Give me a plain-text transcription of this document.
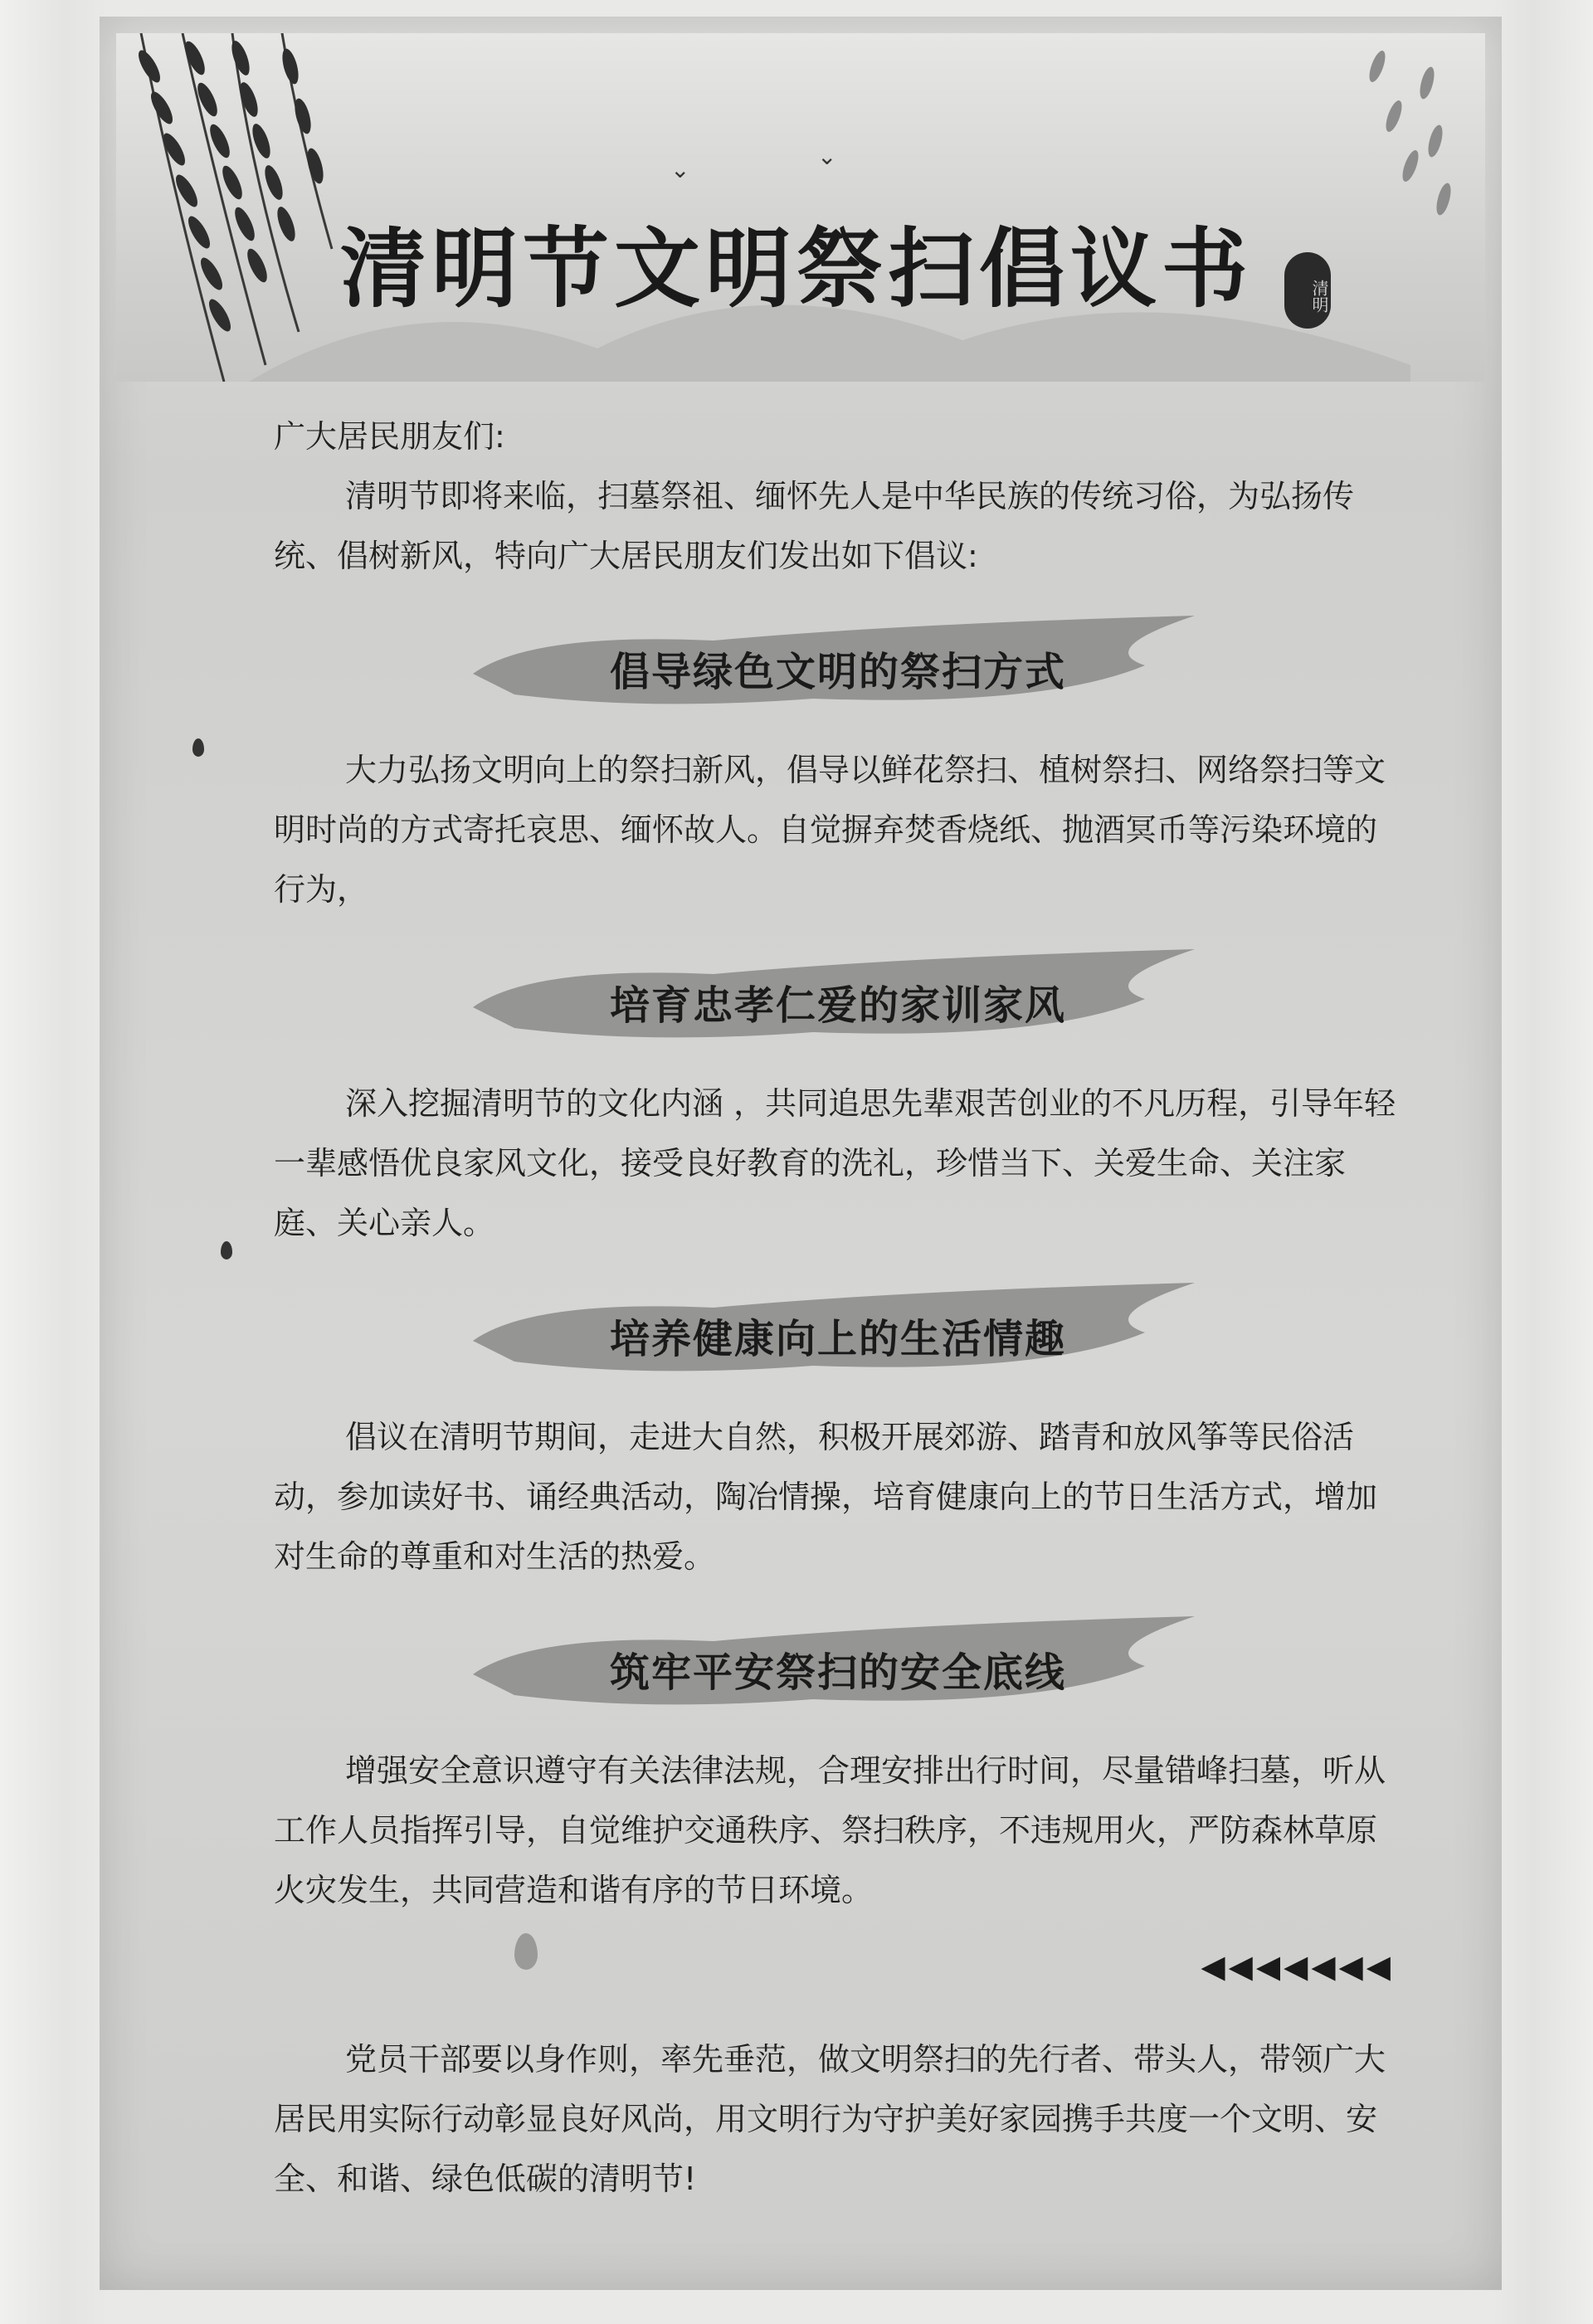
⌄	⌄
清明节文明祭扫倡议书	清明

广大居民朋友们:

清明节即将来临，扫墓祭祖、缅怀先人是中华民族的传统习俗，为弘扬传统、倡树新风，特向广大居民朋友们发出如下倡议:

倡导绿色文明的祭扫方式

大力弘扬文明向上的祭扫新风，倡导以鲜花祭扫、植树祭扫、网络祭扫等文明时尚的方式寄托哀思、缅怀故人。自觉摒弃焚香烧纸、抛酒冥币等污染环境的行为，

培育忠孝仁爱的家训家风

深入挖掘清明节的文化内涵 ，共同追思先辈艰苦创业的不凡历程，引导年轻一辈感悟优良家风文化，接受良好教育的洗礼，珍惜当下、关爱生命、关注家庭、关心亲人。

培养健康向上的生活情趣

倡议在清明节期间，走进大自然，积极开展郊游、踏青和放风筝等民俗活动，参加读好书、诵经典活动，陶冶情操，培育健康向上的节日生活方式，增加对生命的尊重和对生活的热爱。

筑牢平安祭扫的安全底线

增强安全意识遵守有关法律法规，合理安排出行时间，尽量错峰扫墓，听从工作人员指挥引导，自觉维护交通秩序、祭扫秩序，不违规用火，严防森林草原火灾发生，共同营造和谐有序的节日环境。

◀◀◀◀◀◀◀

党员干部要以身作则，率先垂范，做文明祭扫的先行者、带头人，带领广大居民用实际行动彰显良好风尚，用文明行为守护美好家园携手共度一个文明、安全、和谐、绿色低碳的清明节!
